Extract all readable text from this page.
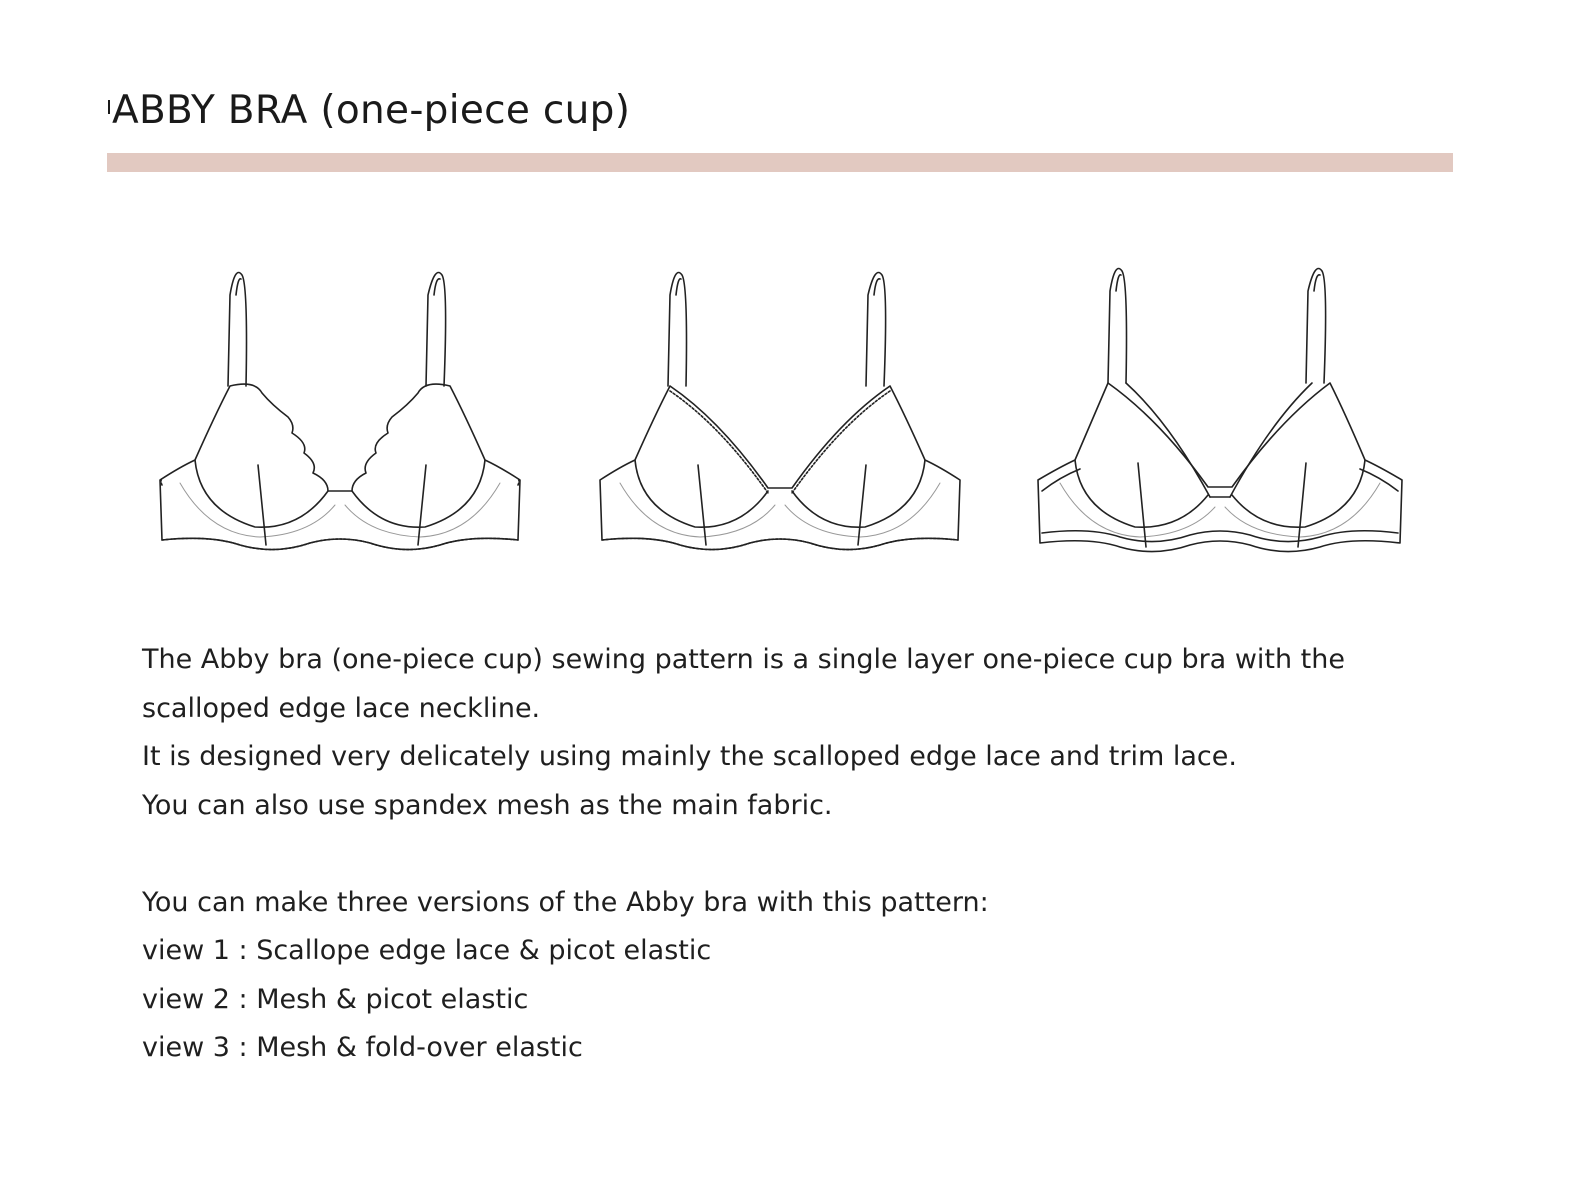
ABBY BRA (one-piece cup)

The Abby bra (one-piece cup) sewing pattern is a single layer one-piece cup bra with the

scalloped edge lace neckline.

It is designed very delicately using mainly the scalloped edge lace and trim lace.

You can also use spandex mesh as the main fabric.

You can make three versions of the Abby bra with this pattern:

view 1 : Scallope edge lace & picot elastic

view 2 : Mesh & picot elastic

view 3 : Mesh & fold-over elastic
